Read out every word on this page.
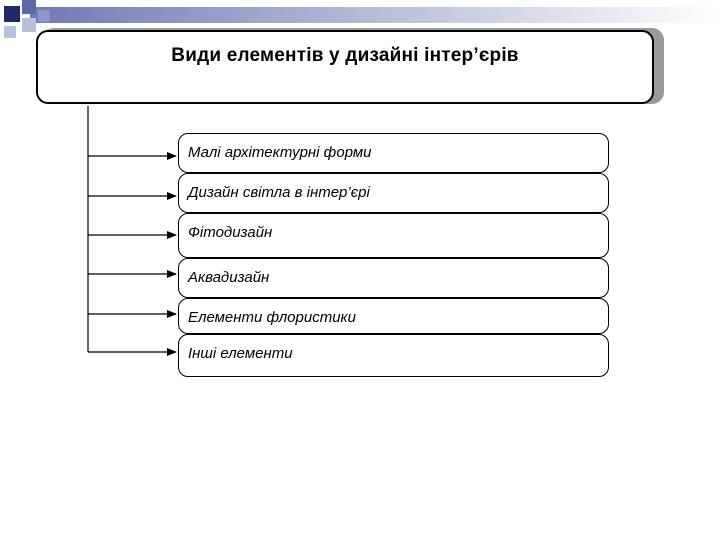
Види елементів у дизайні інтер’єрів
Малі архітектурні форми
Дизайн світла в інтер’єрі
Фітодизайн
Аквадизайн
Елементи флористики
Інші елементи
